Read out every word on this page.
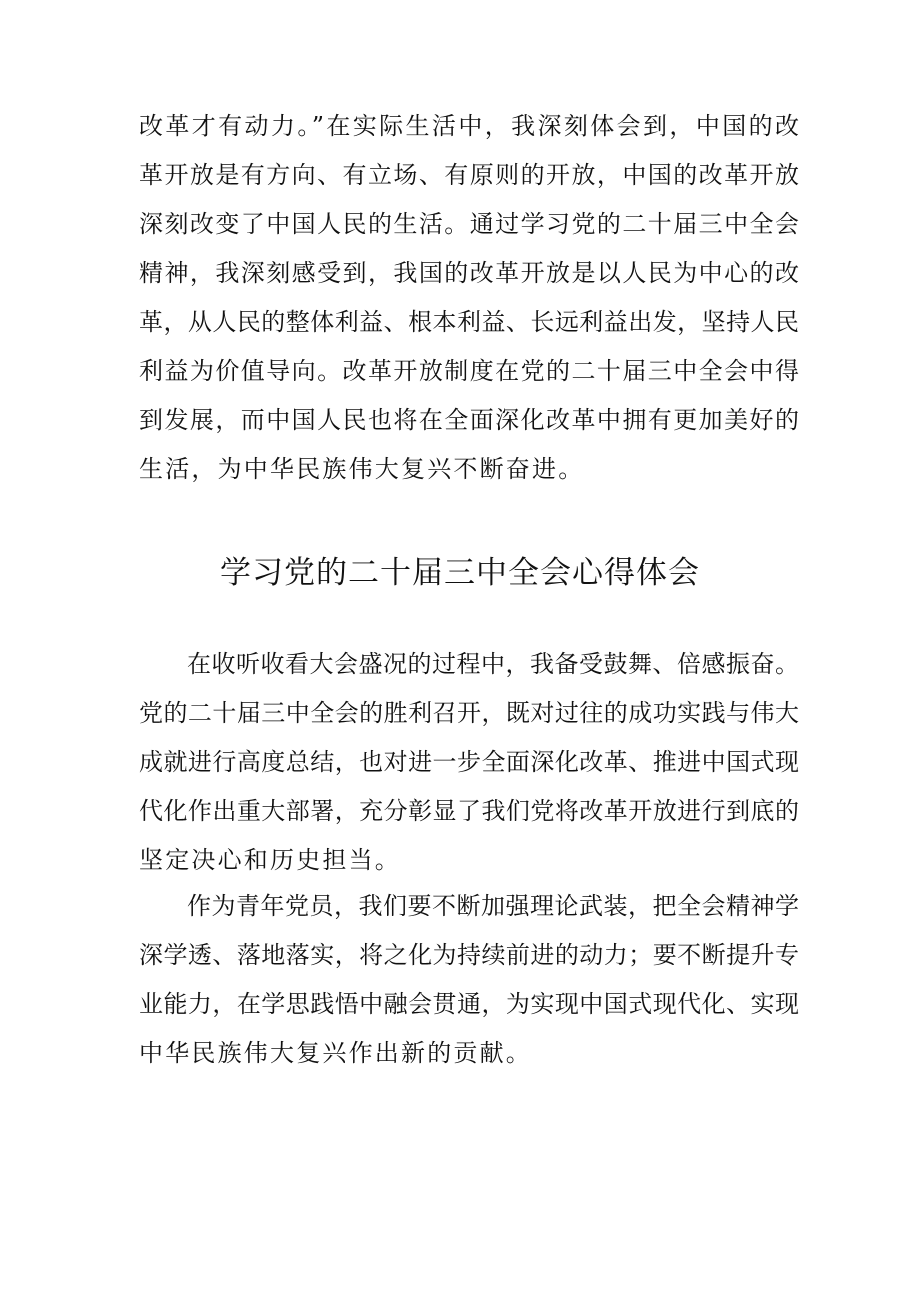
改革才有动力。”在实际生活中，我深刻体会到，中国的改
革开放是有方向、有立场、有原则的开放，中国的改革开放
深刻改变了中国人民的生活。通过学习党的二十届三中全会
精神，我深刻感受到，我国的改革开放是以人民为中心的改
革，从人民的整体利益、根本利益、长远利益出发，坚持人民
利益为价值导向。改革开放制度在党的二十届三中全会中得
到发展，而中国人民也将在全面深化改革中拥有更加美好的
生活，为中华民族伟大复兴不断奋进。
学习党的二十届三中全会心得体会
在收听收看大会盛况的过程中，我备受鼓舞、倍感振奋。
党的二十届三中全会的胜利召开，既对过往的成功实践与伟大
成就进行高度总结，也对进一步全面深化改革、推进中国式现
代化作出重大部署，充分彰显了我们党将改革开放进行到底的
坚定决心和历史担当。
作为青年党员，我们要不断加强理论武装，把全会精神学
深学透、落地落实，将之化为持续前进的动力；要不断提升专
业能力，在学思践悟中融会贯通，为实现中国式现代化、实现
中华民族伟大复兴作出新的贡献。
